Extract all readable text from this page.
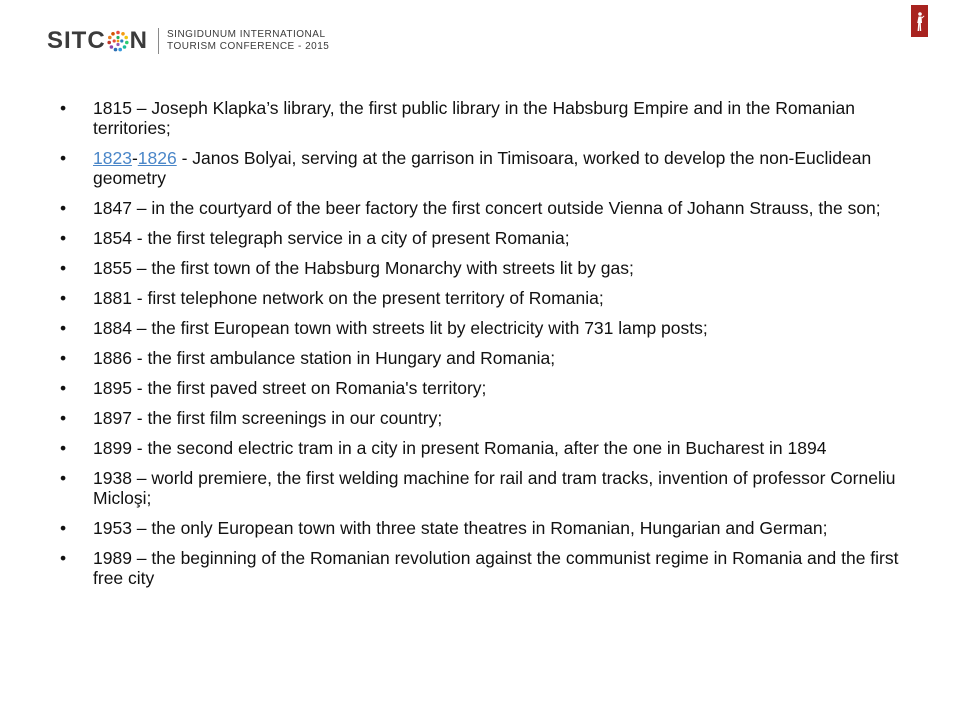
SITC N SINGIDUNUM INTERNATIONAL
TOURISM CONFERENCE - 2015
•	1815 – Joseph Klapka’s library, the first public library in the Habsburg Empire and in the Romanian territories;
•	1823-1826 - Janos Bolyai, serving at the garrison in Timisoara, worked to develop the non-Euclidean geometry
•	1847 – in the courtyard of the beer factory the first concert outside Vienna of Johann Strauss, the son;
•	1854 - the first telegraph service in a city of present Romania;
•	1855 – the first town of the Habsburg Monarchy with streets lit by gas;
•	1881 - first telephone network on the present territory of Romania;
•	1884 – the first European town with streets lit by electricity with 731 lamp posts;
•	1886 - the first ambulance station in Hungary and Romania;
•	1895 - the first paved street on Romania's territory;
•	1897 - the first film screenings in our country;
•	1899 - the second electric tram in a city in present Romania, after the one in Bucharest in 1894
•	1938 – world premiere, the first welding machine for rail and tram tracks, invention of professor Corneliu Micloşi;
•	1953 – the only European town with three state theatres in Romanian, Hungarian and German;
•	1989 – the beginning of the Romanian revolution against the communist regime in Romania and the first free city
